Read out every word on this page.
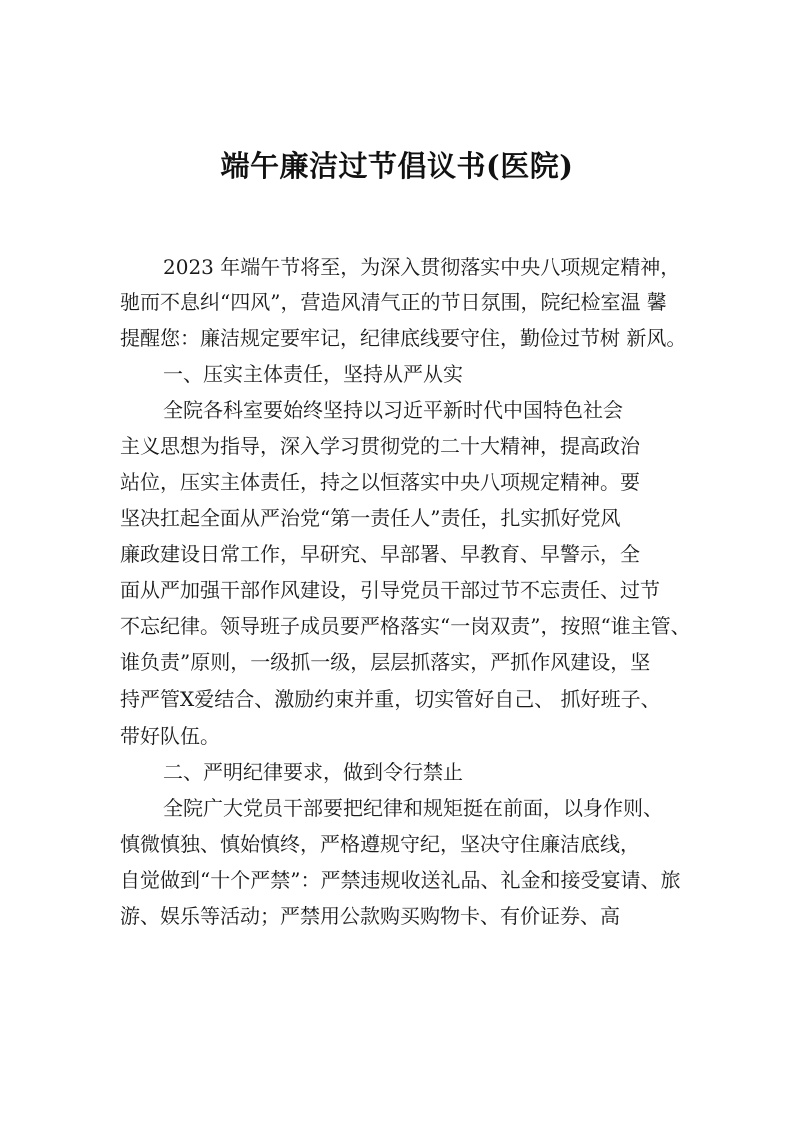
端午廉洁过节倡议书(医院)
2023 年端午节将至，为深入贯彻落实中央八项规定精神，
驰而不息纠“四风”，营造风清气正的节日氛围，院纪检室温 馨
提醒您：廉洁规定要牢记，纪律底线要守住，勤俭过节树 新风。
一、压实主体责任，坚持从严从实
全院各科室要始终坚持以习近平新时代中国特色社会
主义思想为指导，深入学习贯彻党的二十大精神，提高政治
站位，压实主体责任，持之以恒落实中央八项规定精神。要
坚决扛起全面从严治党“第一责任人”责任，扎实抓好党风
廉政建设日常工作，早研究、早部署、早教育、早警示，全
面从严加强干部作风建设，引导党员干部过节不忘责任、过节
不忘纪律。领导班子成员要严格落实“一岗双责”，按照“谁主管、
谁负责”原则，一级抓一级，层层抓落实，严抓作风建设，坚
持严管X爱结合、激励约束并重，切实管好自己、 抓好班子、
带好队伍。
二、严明纪律要求，做到令行禁止
全院广大党员干部要把纪律和规矩挺在前面，以身作则、
慎微慎独、慎始慎终，严格遵规守纪，坚决守住廉洁底线，
自觉做到“十个严禁”：严禁违规收送礼品、礼金和接受宴请、旅
游、娱乐等活动；严禁用公款购买购物卡、有价证券、高
